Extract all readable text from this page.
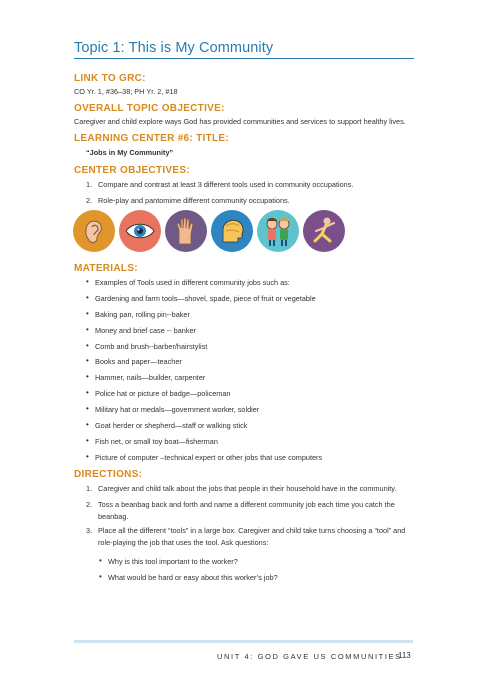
Topic 1: This is My Community
LINK TO GRC:
CO Yr. 1, #36–38; PH Yr. 2, #18
OVERALL TOPIC OBJECTIVE:
Caregiver and child explore ways God has provided communities and services to support healthy lives.
LEARNING CENTER #6: TITLE:
“Jobs in My Community”
CENTER OBJECTIVES:
1. Compare and contrast at least 3 different tools used in community occupations.
2. Role-play and pantomime different community occupations.
MATERIALS:
• Examples of Tools used in different community jobs such as:
• Gardening and farm tools—shovel, spade, piece of fruit or vegetable
• Baking pan, rolling pin--baker
• Money and brief case -- banker
• Comb and brush--barber/hairstylist
• Books and paper—teacher
• Hammer, nails—builder, carpenter
• Police hat or picture of badge—policeman
• Military hat or medals—government worker, soldier
• Goat herder or shepherd—staff or walking stick
• Fish net, or small toy boat—fisherman
• Picture of computer –technical expert or other jobs that use computers
DIRECTIONS:
1. Caregiver and child talk about the jobs that people in their household have in the community.
2. Toss a beanbag back and forth and name a different community job each time you catch the
beanbag.
3. Place all the different “tools” in a large box. Caregiver and child take turns choosing a “tool” and
role-playing the job that uses the tool. Ask questions:
• Why is this tool important to the worker?
• What would be hard or easy about this worker’s job?
UNIT 4: GOD GAVE US COMMUNITIES
113
